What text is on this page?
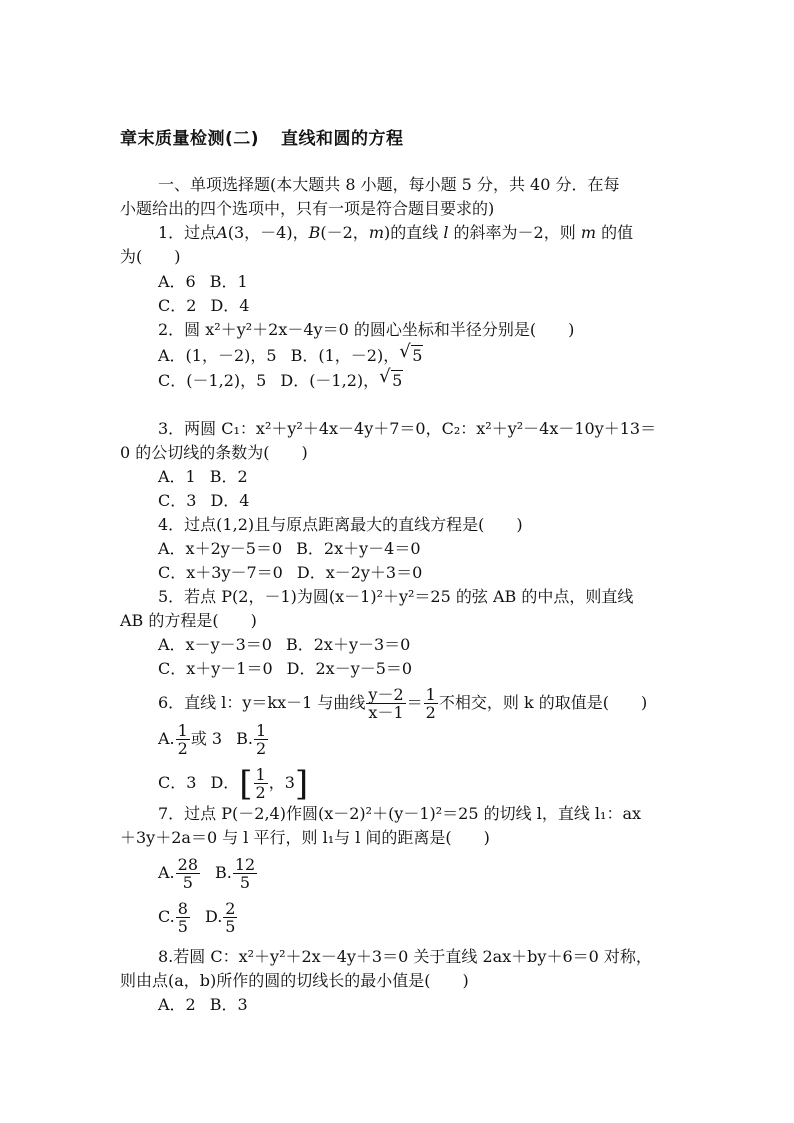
章末质量检测(二) 直线和圆的方程
一、单项选择题(本大题共 8 小题，每小题 5 分，共 40 分．在每
小题给出的四个选项中，只有一项是符合题目要求的)
1．过点A(3，－4)，B(－2，m)的直线 l 的斜率为－2，则 m 的值
为(　　)
A．6 B．1
C．2 D．4
2．圆 x²＋y²＋2x－4y＝0 的圆心坐标和半径分别是(　　)
A．(1，－2)，5 B．(1，－2)， √ 5
C．(－1,2)，5 D．(－1,2)， √ 5
3．两圆 C₁：x²＋y²＋4x－4y＋7＝0，C₂：x²＋y²－4x－10y＋13＝
0 的公切线的条数为(　　)
A．1 B．2
C．3 D．4
4．过点(1,2)且与原点距离最大的直线方程是(　　)
A．x＋2y－5＝0 B．2x＋y－4＝0
C．x＋3y－7＝0 D．x－2y＋3＝0
5．若点 P(2，－1)为圆(x－1)²＋y²＝25 的弦 AB 的中点，则直线
AB 的方程是(　　)
A．x－y－3＝0 B．2x＋y－3＝0
C．x＋y－1＝0 D．2x－y－5＝0
6．直线 l：y＝kx－1 与曲线 $\frac{y-2}{x-1} = \frac{1}{2}$ 不相交，则 k 的取值是(　　)
A. $\frac{1}{2}$ 或 3 B. $\frac{1}{2}$
C．3 D．[ $\frac{1}{2}$ ，3]
7．过点 P(－2,4)作圆(x－2)²＋(y－1)²＝25 的切线 l，直线 l₁：ax
＋3y＋2a＝0 与 l 平行，则 l₁与 l 间的距离是(　　)
A. $\frac{28}{5} B$. $\frac{12}{5}$
C. $\frac{8}{5} D$. $\frac{2}{5}$
8.若圆 C：x²＋y²＋2x－4y＋3＝0 关于直线 2ax＋by＋6＝0 对称，
则由点(a，b)所作的圆的切线长的最小值是(　　)
A．2 B．3
